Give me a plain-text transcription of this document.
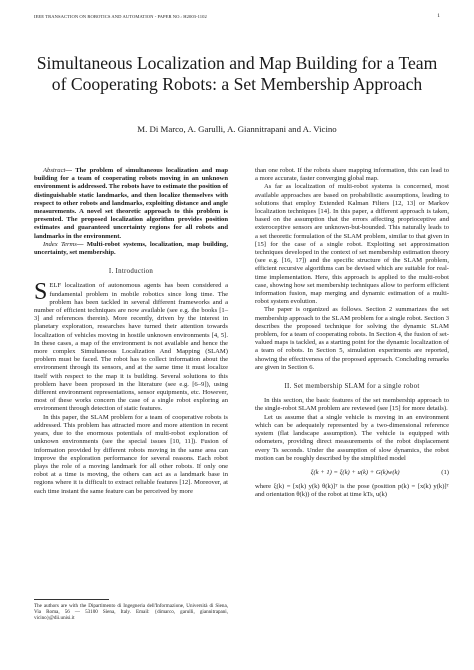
IEEE TRANSACTION ON ROBOTICS AND AUTOMATION - PAPER NO.: H2003-1102	1
Simultaneous Localization and Map Building for a Team of Cooperating Robots: a Set Membership Approach
M. Di Marco, A. Garulli, A. Giannitrapani and A. Vicino

Abstract— The problem of simultaneous localization and map building for a team of cooperating robots moving in an unknown environment is addressed. The robots have to estimate the position of distinguishable static landmarks, and then localize themselves with respect to other robots and landmarks, exploiting distance and angle measurements. A novel set theoretic approach to this problem is presented. The proposed localization algorithm provides position estimates and guaranteed uncertainty regions for all robots and landmarks in the environment.

Index Terms— Multi-robot systems, localization, map building, uncertainty, set membership.

I. Introduction

SELF localization of autonomous agents has been considered a fundamental problem in mobile robotics since long time. The problem has been tackled in several different frameworks and a number of efficient techniques are now available (see e.g. the books [1–3] and references therein). More recently, driven by the interest in planetary exploration, researches have turned their attention towards localization of vehicles moving in hostile unknown environments [4, 5]. In these cases, a map of the environment is not available and hence the more complex Simultaneous Localization And Mapping (SLAM) problem must be faced. The robot has to collect information about the environment through its sensors, and at the same time it must localize itself with respect to the map it is building. Several solutions to this problem have been proposed in the literature (see e.g. [6–9]), using different environment representations, sensor equipments, etc. However, most of these works concern the case of a single robot exploring an environment through detection of static features.

In this paper, the SLAM problem for a team of cooperative robots is addressed. This problem has attracted more and more attention in recent years, due to the enormous potentials of multi-robot exploration of unknown environments (see the special issues [10, 11]). Fusion of information provided by different robots moving in the same area can improve the exploration performance for several reasons. Each robot plays the role of a moving landmark for all other robots. If only one robot at a time is moving, the others can act as a landmark base in regions where it is difficult to extract reliable features [12]. Moreover, at each time instant the same feature can be perceived by more

than one robot. If the robots share mapping information, this can lead to a more accurate, faster converging global map.

As far as localization of multi-robot systems is concerned, most available approaches are based on probabilistic assumptions, leading to solutions that employ Extended Kalman Filters [12, 13] or Markov localization techniques [14]. In this paper, a different approach is taken, based on the assumption that the errors affecting proprioceptive and exteroceptive sensors are unknown-but-bounded. This naturally leads to a set theoretic formulation of the SLAM problem, similar to that given in [15] for the case of a single robot. Exploiting set approximation techniques developed in the context of set membership estimation theory (see e.g. [16, 17]) and the specific structure of the SLAM problem, efficient recursive algorithms can be devised which are suitable for real-time implementation. Here, this approach is applied to the multi-robot case, showing how set membership techniques allow to perform efficient information fusion, map merging and dynamic estimation of a multi-robot system evolution.

The paper is organized as follows. Section 2 summarizes the set membership approach to the SLAM problem for a single robot. Section 3 describes the proposed technique for solving the dynamic SLAM problem, for a team of cooperating robots. In Section 4, the fusion of set-valued maps is tackled, as a starting point for the dynamic localization of a team of robots. In Section 5, simulation experiments are reported, showing the effectiveness of the proposed approach. Concluding remarks are given in Section 6.

II. Set membership SLAM for a single robot

In this section, the basic features of the set membership approach to the single-robot SLAM problem are reviewed (see [15] for more details).

Let us assume that a single vehicle is moving in an environment which can be adequately represented by a two-dimensional reference system (flat landscape assumption). The vehicle is equipped with odometers, providing direct measurements of the robot displacement every Ts seconds. Under the assumption of slow dynamics, the robot motion can be roughly described by the simplified model

ξ(k + 1) = ξ(k) + u(k) + G(k)w(k)	(1)

where ξ(k) = [x(k) y(k) θ(k)]ᵀ is the pose (position p(k) = [x(k) y(k)]ᵀ and orientation θ(k)) of the robot at time kTs, u(k)

The authors are with the Dipartimento di Ingegneria dell'Informazione, Università di Siena, Via Roma, 56 — 53100 Siena, Italy. Email: {dimarco, garulli, giannitrapani, vicino}@dii.unisi.it
